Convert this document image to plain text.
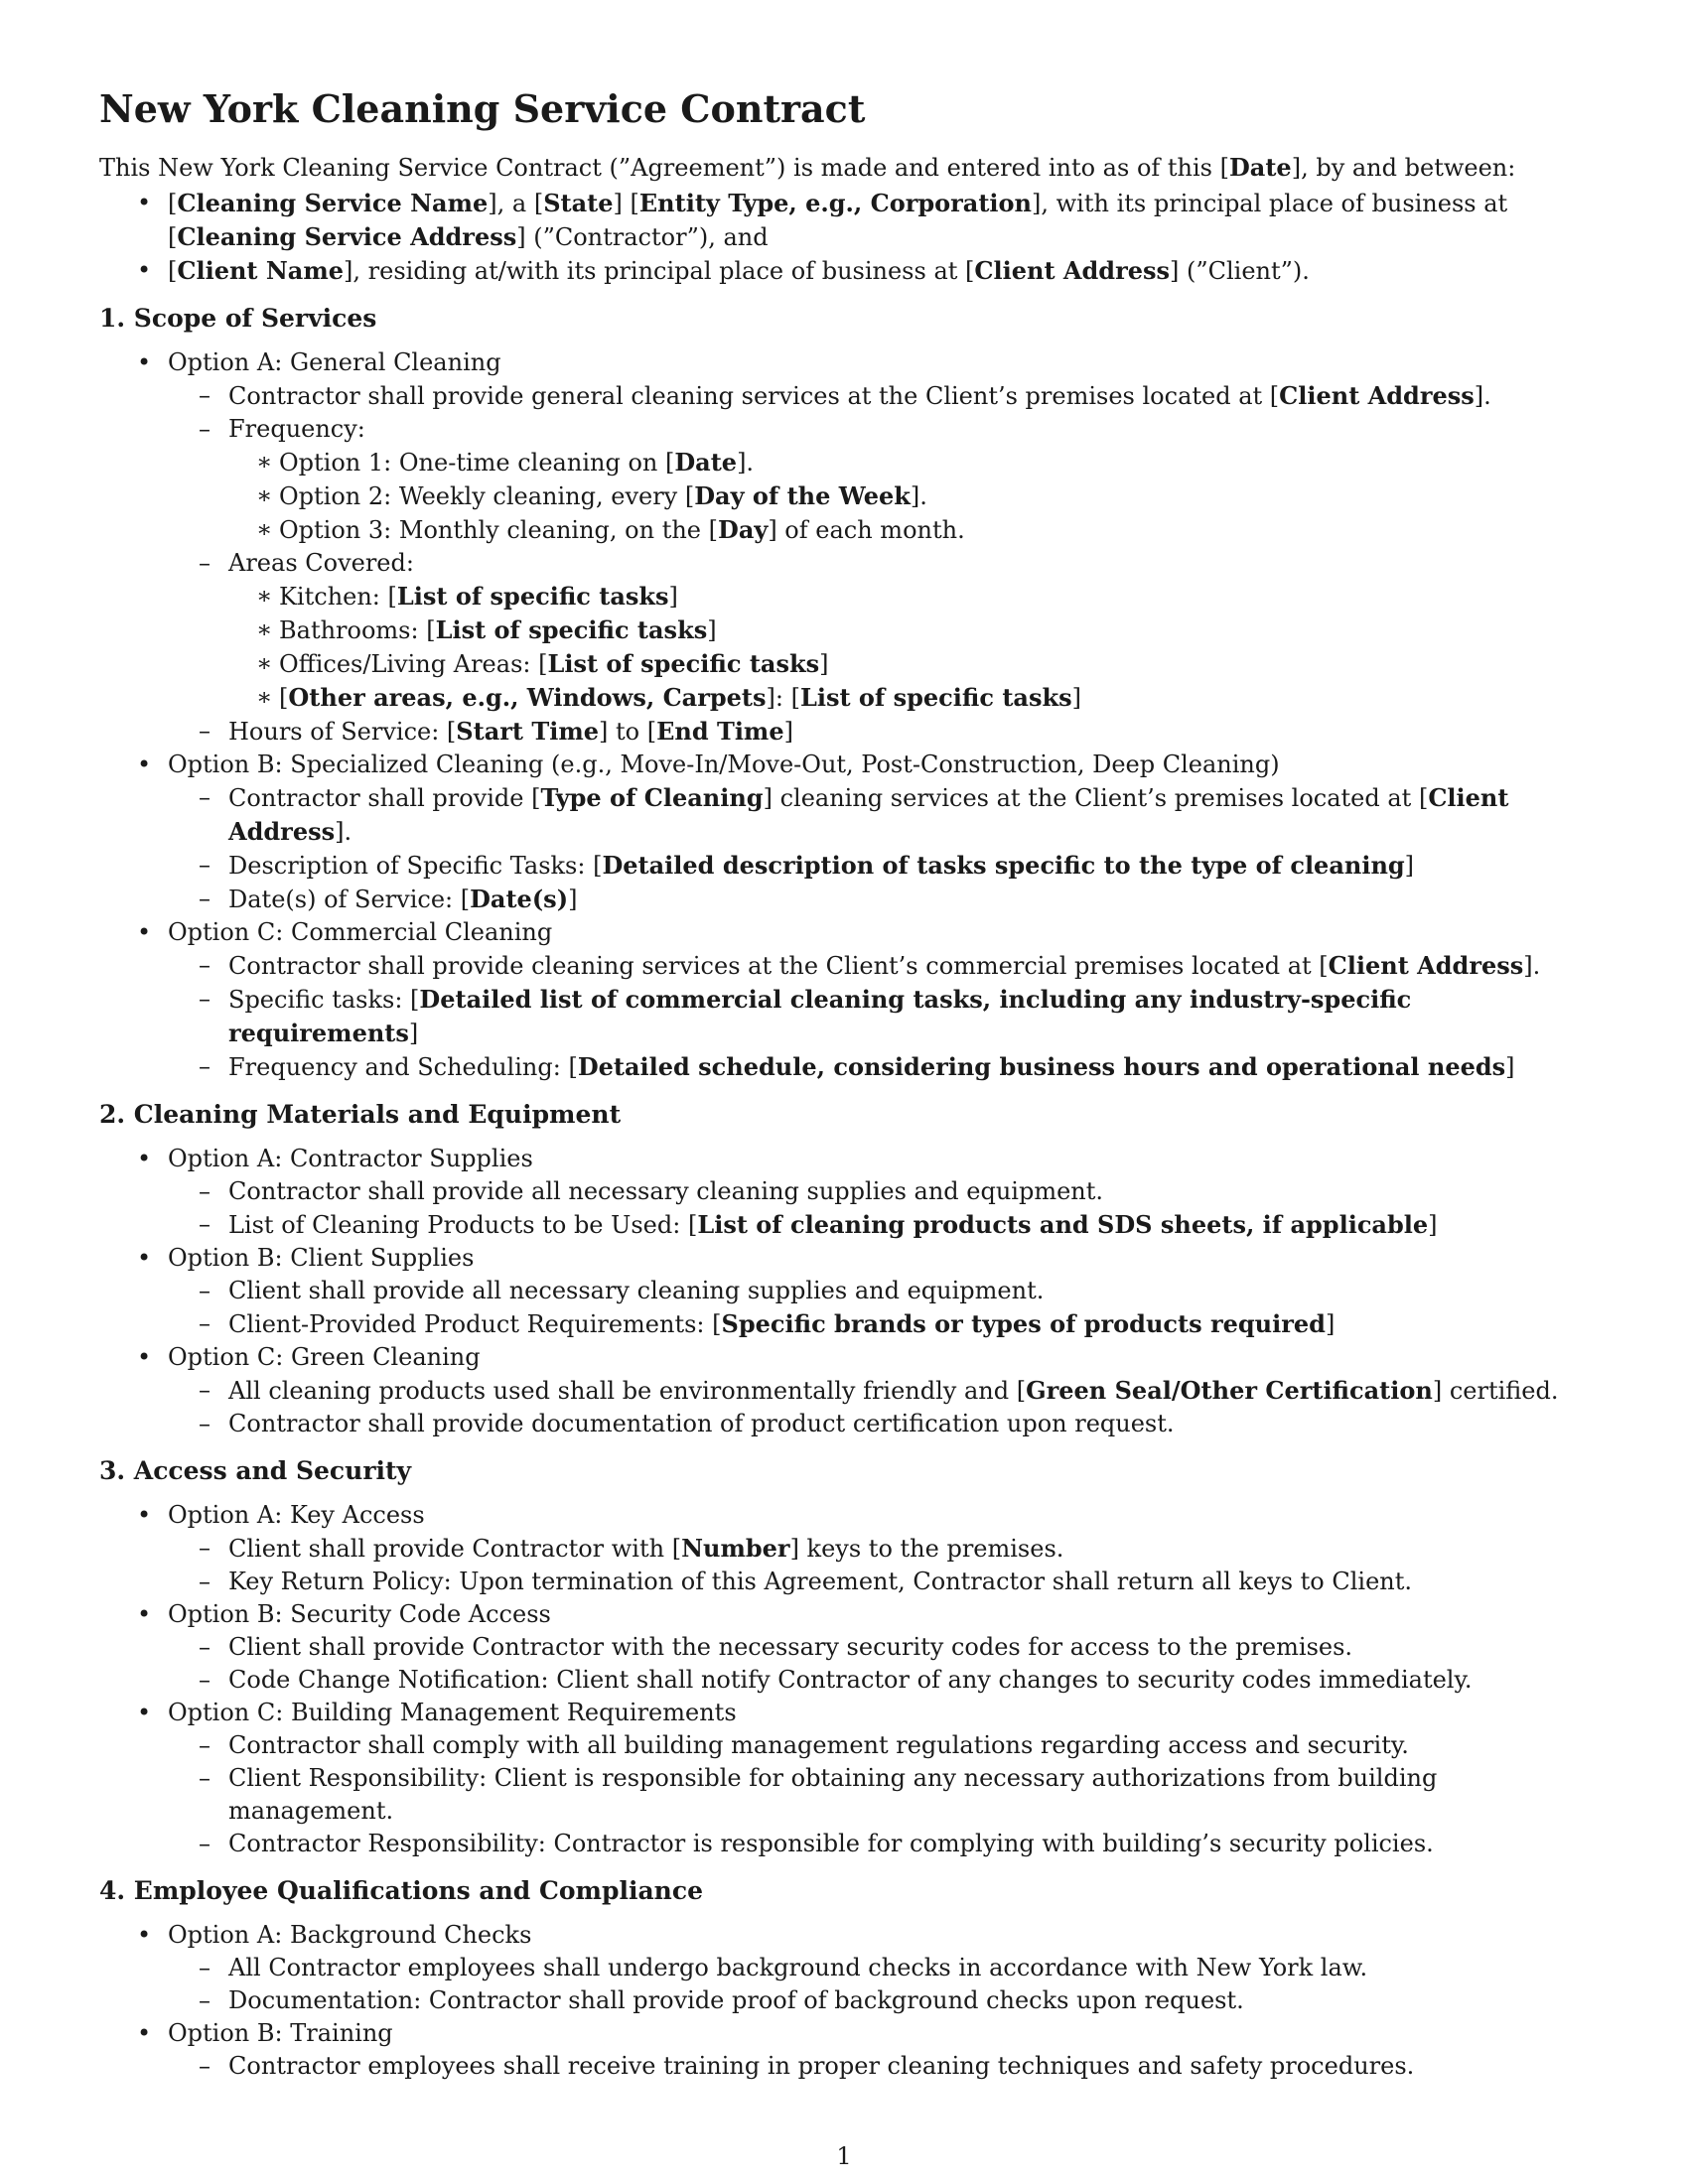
New York Cleaning Service Contract

This New York Cleaning Service Contract (”Agreement”) is made and entered into as of this [Date], by and between:

• [Cleaning Service Name], a [State] [Entity Type, e.g., Corporation], with its principal place of business at [Cleaning Service Address] (”Contractor”), and
• [Client Name], residing at/with its principal place of business at [Client Address] (”Client”).
1. Scope of Services
• Option A: General Cleaning
– Contractor shall provide general cleaning services at the Client’s premises located at [Client Address].
– Frequency:
∗ Option 1: One-time cleaning on [Date].
∗ Option 2: Weekly cleaning, every [Day of the Week].
∗ Option 3: Monthly cleaning, on the [Day] of each month.
– Areas Covered:
∗ Kitchen: [List of specific tasks]
∗ Bathrooms: [List of specific tasks]
∗ Offices/Living Areas: [List of specific tasks]
∗ [Other areas, e.g., Windows, Carpets]: [List of specific tasks]
– Hours of Service: [Start Time] to [End Time]
• Option B: Specialized Cleaning (e.g., Move-In/Move-Out, Post-Construction, Deep Cleaning)
– Contractor shall provide [Type of Cleaning] cleaning services at the Client’s premises located at [Client Address].
– Description of Specific Tasks: [Detailed description of tasks specific to the type of cleaning]
– Date(s) of Service: [Date(s)]
• Option C: Commercial Cleaning
– Contractor shall provide cleaning services at the Client’s commercial premises located at [Client Address].
– Specific tasks: [Detailed list of commercial cleaning tasks, including any industry-specific requirements]
– Frequency and Scheduling: [Detailed schedule, considering business hours and operational needs]
2. Cleaning Materials and Equipment
• Option A: Contractor Supplies
– Contractor shall provide all necessary cleaning supplies and equipment.
– List of Cleaning Products to be Used: [List of cleaning products and SDS sheets, if applicable]
• Option B: Client Supplies
– Client shall provide all necessary cleaning supplies and equipment.
– Client-Provided Product Requirements: [Specific brands or types of products required]
• Option C: Green Cleaning
– All cleaning products used shall be environmentally friendly and [Green Seal/Other Certification] certified.
– Contractor shall provide documentation of product certification upon request.
3. Access and Security
• Option A: Key Access
– Client shall provide Contractor with [Number] keys to the premises.
– Key Return Policy: Upon termination of this Agreement, Contractor shall return all keys to Client.
• Option B: Security Code Access
– Client shall provide Contractor with the necessary security codes for access to the premises.
– Code Change Notification: Client shall notify Contractor of any changes to security codes immediately.
• Option C: Building Management Requirements
– Contractor shall comply with all building management regulations regarding access and security.
– Client Responsibility: Client is responsible for obtaining any necessary authorizations from building management.
– Contractor Responsibility: Contractor is responsible for complying with building’s security policies.
4. Employee Qualifications and Compliance
• Option A: Background Checks
– All Contractor employees shall undergo background checks in accordance with New York law.
– Documentation: Contractor shall provide proof of background checks upon request.
• Option B: Training
– Contractor employees shall receive training in proper cleaning techniques and safety procedures.
1
